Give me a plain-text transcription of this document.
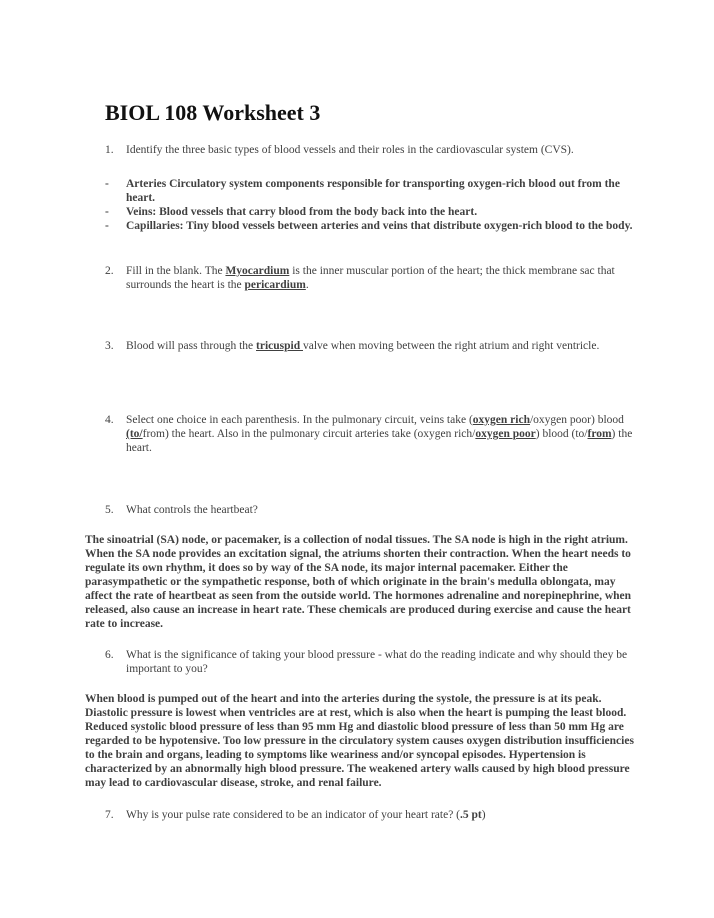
BIOL 108 Worksheet 3
1.	Identify the three basic types of blood vessels and their roles in the cardiovascular system (CVS).
-	Arteries Circulatory system components responsible for transporting oxygen-rich blood out from the heart.
-	Veins: Blood vessels that carry blood from the body back into the heart.
-	Capillaries: Tiny blood vessels between arteries and veins that distribute oxygen-rich blood to the body.
2.	Fill in the blank. The Myocardium is the inner muscular portion of the heart; the thick membrane sac that surrounds the heart is the pericardium.
3.	Blood will pass through the tricuspid valve when moving between the right atrium and right ventricle.
4.	Select one choice in each parenthesis. In the pulmonary circuit, veins take (oxygen rich/oxygen poor) blood (to/from) the heart. Also in the pulmonary circuit arteries take (oxygen rich/oxygen poor) blood (to/from) the heart.
5.	What controls the heartbeat?
The sinoatrial (SA) node, or pacemaker, is a collection of nodal tissues. The SA node is high in the right atrium. When the SA node provides an excitation signal, the atriums shorten their contraction. When the heart needs to regulate its own rhythm, it does so by way of the SA node, its major internal pacemaker. Either the parasympathetic or the sympathetic response, both of which originate in the brain's medulla oblongata, may affect the rate of heartbeat as seen from the outside world. The hormones adrenaline and norepinephrine, when released, also cause an increase in heart rate. These chemicals are produced during exercise and cause the heart rate to increase.
6.	What is the significance of taking your blood pressure - what do the reading indicate and why should they be important to you?
When blood is pumped out of the heart and into the arteries during the systole, the pressure is at its peak. Diastolic pressure is lowest when ventricles are at rest, which is also when the heart is pumping the least blood. Reduced systolic blood pressure of less than 95 mm Hg and diastolic blood pressure of less than 50 mm Hg are regarded to be hypotensive. Too low pressure in the circulatory system causes oxygen distribution insufficiencies to the brain and organs, leading to symptoms like weariness and/or syncopal episodes. Hypertension is characterized by an abnormally high blood pressure. The weakened artery walls caused by high blood pressure may lead to cardiovascular disease, stroke, and renal failure.
7.	Why is your pulse rate considered to be an indicator of your heart rate? (.5 pt)
